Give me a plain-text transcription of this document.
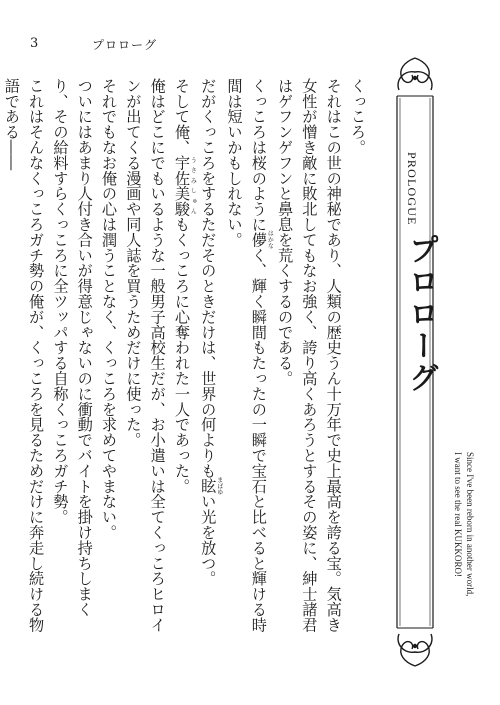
3	プロローグ

くっころ。

それはこの世の神秘であり、人類の歴史うん十万年で史上最高を誇る宝。気高き女性が憎き敵に敗北してもなお強く、誇り高くあろうとするその姿に、紳士諸君はゲフンゲフンと鼻息を荒くするのである。

くっころは桜のように儚はかなく、輝く瞬間もたったの一瞬で宝石と比べると輝ける時間は短いかもしれない。

だがくっころをするただそのときだけは、世界の何よりも眩まばゆい光を放つ。

そして俺、宇佐美駿うさみしゅんもくっころに心奪われた一人であった。

俺はどこにでもいるような一般男子高校生だが、お小遣いは全てくっころヒロインが出てくる漫画や同人誌を買うためだけに使った。

それでもなお俺の心は潤うことなく、くっころを求めてやまない。

ついにはあまり人付き合いが得意じゃないのに衝動でバイトを掛け持ちしまくり、その給料すらくっころに全ツッパする自称くっころガチ勢。

これはそんなくっころガチ勢の俺が、くっころを見るためだけに奔走し続ける物語である――

PROLOGUE
プロローグ
Since I've been reborn in another world,
I want to see the real KUKKORO!
